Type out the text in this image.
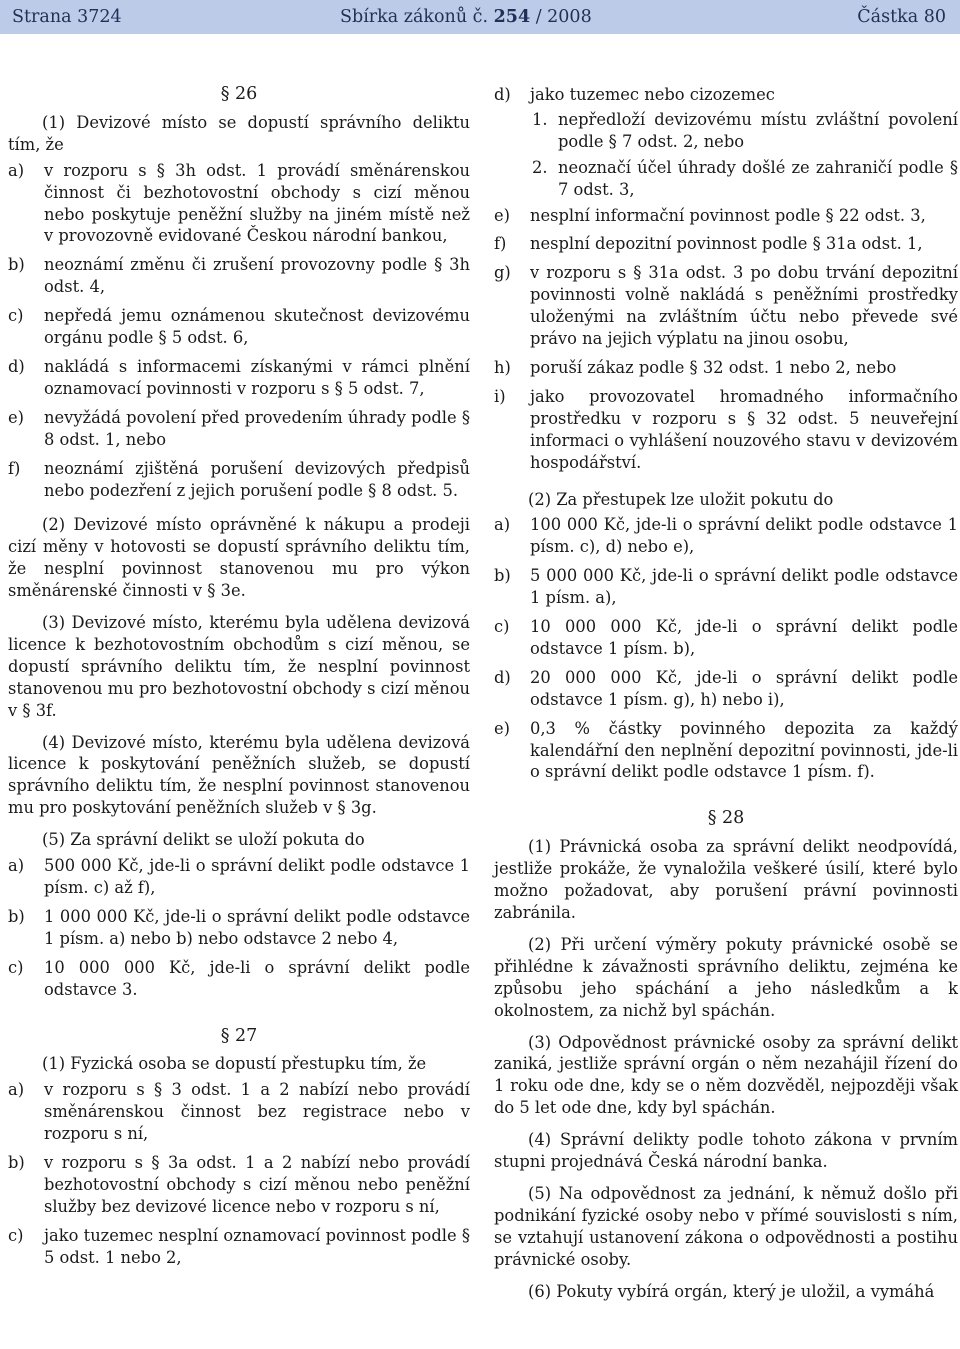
Strana 3724	Sbírka zákonů č. 254 / 2008	Částka 80
§ 26

(1) Devizové místo se dopustí správního deliktu tím, že

a) v rozporu s § 3h odst. 1 provádí směnárenskou činnost či bezhotovostní obchody s cizí měnou nebo poskytuje peněžní služby na jiném místě než v provozovně evidované Českou národní bankou,

b) neoznámí změnu či zrušení provozovny podle § 3h odst. 4,

c) nepředá jemu oznámenou skutečnost devizovému orgánu podle § 5 odst. 6,

d) nakládá s informacemi získanými v rámci plnění oznamovací povinnosti v rozporu s § 5 odst. 7,

e) nevyžádá povolení před provedením úhrady podle § 8 odst. 1, nebo

f) neoznámí zjištěná porušení devizových předpisů nebo podezření z jejich porušení podle § 8 odst. 5.

(2) Devizové místo oprávněné k nákupu a prodeji cizí měny v hotovosti se dopustí správního deliktu tím, že nesplní povinnost stanovenou mu pro výkon směnárenské činnosti v § 3e.

(3) Devizové místo, kterému byla udělena devizová licence k bezhotovostním obchodům s cizí měnou, se dopustí správního deliktu tím, že nesplní povinnost stanovenou mu pro bezhotovostní obchody s cizí měnou v § 3f.

(4) Devizové místo, kterému byla udělena devizová licence k poskytování peněžních služeb, se dopustí správního deliktu tím, že nesplní povinnost stanovenou mu pro poskytování peněžních služeb v § 3g.

(5) Za správní delikt se uloží pokuta do

a) 500 000 Kč, jde-li o správní delikt podle odstavce 1 písm. c) až f),

b) 1 000 000 Kč, jde-li o správní delikt podle odstavce 1 písm. a) nebo b) nebo odstavce 2 nebo 4,

c) 10 000 000 Kč, jde-li o správní delikt podle odstavce 3.

§ 27

(1) Fyzická osoba se dopustí přestupku tím, že

a) v rozporu s § 3 odst. 1 a 2 nabízí nebo provádí směnárenskou činnost bez registrace nebo v rozporu s ní,

b) v rozporu s § 3a odst. 1 a 2 nabízí nebo provádí bezhotovostní obchody s cizí měnou nebo peněžní služby bez devizové licence nebo v rozporu s ní,

c) jako tuzemec nesplní oznamovací povinnost podle § 5 odst. 1 nebo 2,

d) jako tuzemec nebo cizozemec

1. nepředloží devizovému místu zvláštní povolení podle § 7 odst. 2, nebo

2. neoznačí účel úhrady došlé ze zahraničí podle § 7 odst. 3,

e) nesplní informační povinnost podle § 22 odst. 3,

f) nesplní depozitní povinnost podle § 31a odst. 1,

g) v rozporu s § 31a odst. 3 po dobu trvání depozitní povinnosti volně nakládá s peněžními prostředky uloženými na zvláštním účtu nebo převede své právo na jejich výplatu na jinou osobu,

h) poruší zákaz podle § 32 odst. 1 nebo 2, nebo

i) jako provozovatel hromadného informačního prostředku v rozporu s § 32 odst. 5 neuveřejní informaci o vyhlášení nouzového stavu v devizovém hospodářství.

(2) Za přestupek lze uložit pokutu do

a) 100 000 Kč, jde-li o správní delikt podle odstavce 1 písm. c), d) nebo e),

b) 5 000 000 Kč, jde-li o správní delikt podle odstavce 1 písm. a),

c) 10 000 000 Kč, jde-li o správní delikt podle odstavce 1 písm. b),

d) 20 000 000 Kč, jde-li o správní delikt podle odstavce 1 písm. g), h) nebo i),

e) 0,3 % částky povinného depozita za každý kalendářní den neplnění depozitní povinnosti, jde-li o správní delikt podle odstavce 1 písm. f).

§ 28

(1) Právnická osoba za správní delikt neodpovídá, jestliže prokáže, že vynaložila veškeré úsilí, které bylo možno požadovat, aby porušení právní povinnosti zabránila.

(2) Při určení výměry pokuty právnické osobě se přihlédne k závažnosti správního deliktu, zejména ke způsobu jeho spáchání a jeho následkům a k okolnostem, za nichž byl spáchán.

(3) Odpovědnost právnické osoby za správní delikt zaniká, jestliže správní orgán o něm nezahájil řízení do 1 roku ode dne, kdy se o něm dozvěděl, nejpozději však do 5 let ode dne, kdy byl spáchán.

(4) Správní delikty podle tohoto zákona v prvním stupni projednává Česká národní banka.

(5) Na odpovědnost za jednání, k němuž došlo při podnikání fyzické osoby nebo v přímé souvislosti s ním, se vztahují ustanovení zákona o odpovědnosti a postihu právnické osoby.

(6) Pokuty vybírá orgán, který je uložil, a vymáhá
